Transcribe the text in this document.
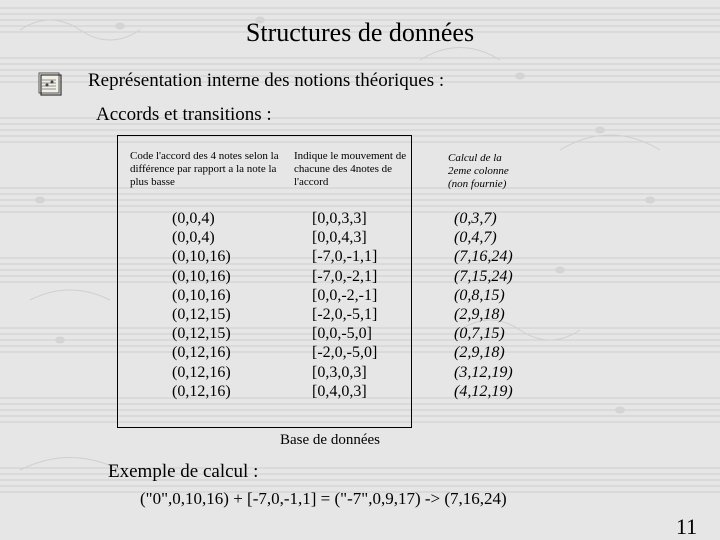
Structures de données
Représentation interne des notions théoriques :
Accords et transitions :
Code l'accord des 4 notes selon la différence par rapport a la note la plus basse
Indique le mouvement de chacune des 4notes de l'accord
Calcul de la 2eme colonne (non fournie)
(0,0,4)
(0,0,4)
(0,10,16)
(0,10,16)
(0,10,16)
(0,12,15)
(0,12,15)
(0,12,16)
(0,12,16)
(0,12,16)
[0,0,3,3]
[0,0,4,3]
[-7,0,-1,1]
[-7,0,-2,1]
[0,0,-2,-1]
[-2,0,-5,1]
[0,0,-5,0]
[-2,0,-5,0]
[0,3,0,3]
[0,4,0,3]
(0,3,7)
(0,4,7)
(7,16,24)
(7,15,24)
(0,8,15)
(2,9,18)
(0,7,15)
(2,9,18)
(3,12,19)
(4,12,19)
Base de données
Exemple de calcul :
("0",0,10,16) + [-7,0,-1,1] = ("-7",0,9,17) -> (7,16,24)
11
